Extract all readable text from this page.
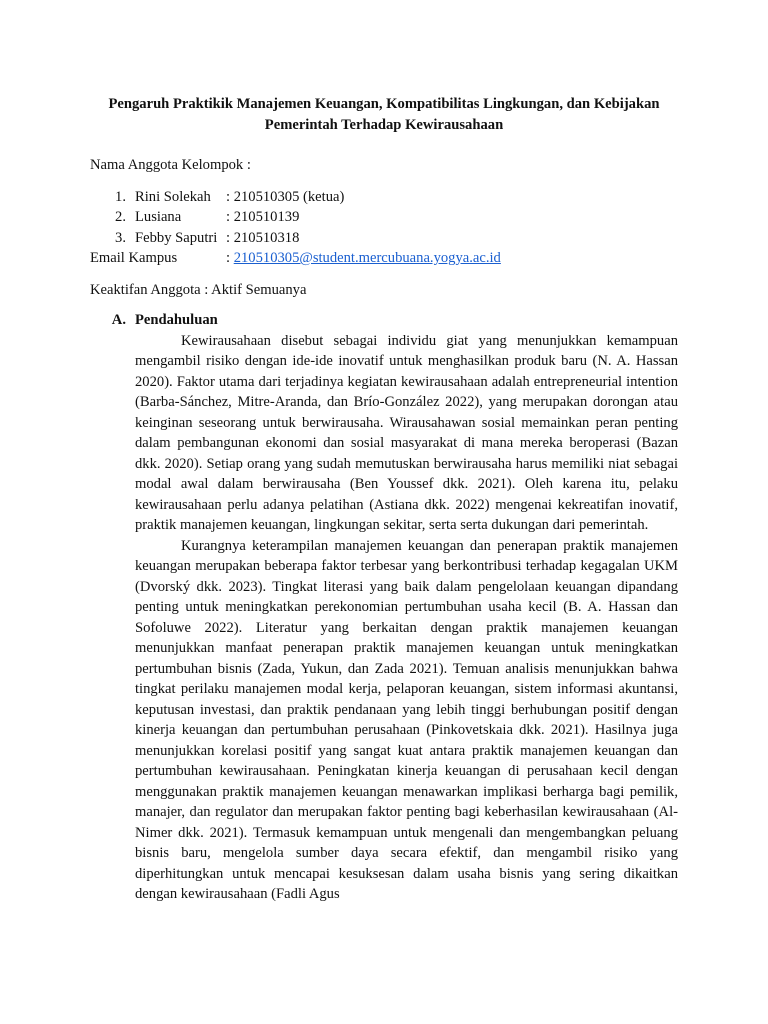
Pengaruh Praktikik Manajemen Keuangan, Kompatibilitas Lingkungan, dan Kebijakan
Pemerintah Terhadap Kewirausahaan
Nama Anggota Kelompok :
1. Rini Solekah	: 210510305 (ketua)
2. Lusiana	: 210510139
3. Febby Saputri : 210510318
Email Kampus	: 210510305@student.mercubuana.yogya.ac.id
Keaktifan Anggota : Aktif Semuanya
A. Pendahuluan

Kewirausahaan disebut sebagai individu giat yang menunjukkan kemampuan mengambil risiko dengan ide-ide inovatif untuk menghasilkan produk baru (N. A. Hassan 2020). Faktor utama dari terjadinya kegiatan kewirausahaan adalah entrepreneurial intention (Barba-Sánchez, Mitre-Aranda, dan Brío-González 2022), yang merupakan dorongan atau keinginan seseorang untuk berwirausaha. Wirausahawan sosial memainkan peran penting dalam pembangunan ekonomi dan sosial masyarakat di mana mereka beroperasi (Bazan dkk. 2020). Setiap orang yang sudah memutuskan berwirausaha harus memiliki niat sebagai modal awal dalam berwirausaha (Ben Youssef dkk. 2021). Oleh karena itu, pelaku kewirausahaan perlu adanya pelatihan (Astiana dkk. 2022) mengenai kekreatifan inovatif, praktik manajemen keuangan, lingkungan sekitar, serta serta dukungan dari pemerintah.

Kurangnya keterampilan manajemen keuangan dan penerapan praktik manajemen keuangan merupakan beberapa faktor terbesar yang berkontribusi terhadap kegagalan UKM (Dvorský dkk. 2023). Tingkat literasi yang baik dalam pengelolaan keuangan dipandang penting untuk meningkatkan perekonomian pertumbuhan usaha kecil (B. A. Hassan dan Sofoluwe 2022). Literatur yang berkaitan dengan praktik manajemen keuangan menunjukkan manfaat penerapan praktik manajemen keuangan untuk meningkatkan pertumbuhan bisnis (Zada, Yukun, dan Zada 2021). Temuan analisis menunjukkan bahwa tingkat perilaku manajemen modal kerja, pelaporan keuangan, sistem informasi akuntansi, keputusan investasi, dan praktik pendanaan yang lebih tinggi berhubungan positif dengan kinerja keuangan dan pertumbuhan perusahaan (Pinkovetskaia dkk. 2021). Hasilnya juga menunjukkan korelasi positif yang sangat kuat antara praktik manajemen keuangan dan pertumbuhan kewirausahaan. Peningkatan kinerja keuangan di perusahaan kecil dengan menggunakan praktik manajemen keuangan menawarkan implikasi berharga bagi pemilik, manajer, dan regulator dan merupakan faktor penting bagi keberhasilan kewirausahaan (Al-Nimer dkk. 2021). Termasuk kemampuan untuk mengenali dan mengembangkan peluang bisnis baru, mengelola sumber daya secara efektif, dan mengambil risiko yang diperhitungkan untuk mencapai kesuksesan dalam usaha bisnis yang sering dikaitkan dengan kewirausahaan (Fadli Agus
